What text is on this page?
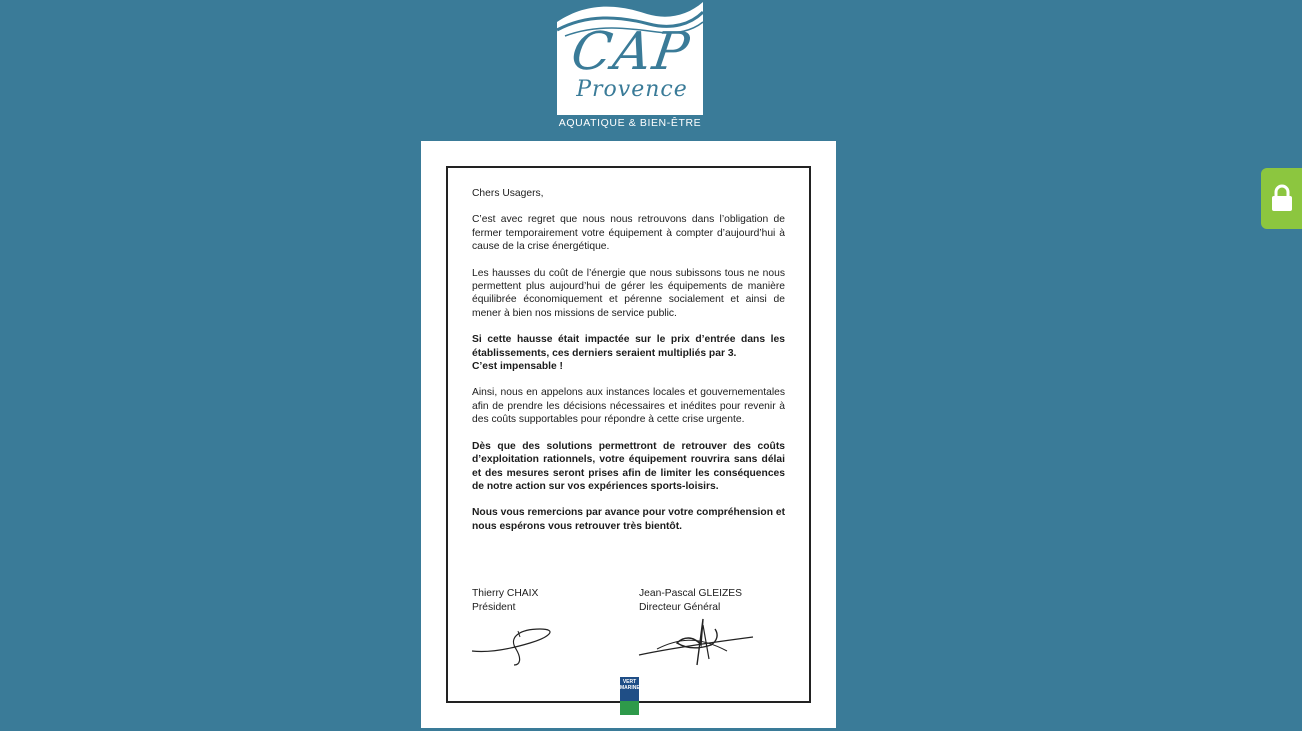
CAP
Provence
AQUATIQUE & BIEN-ÊTRE

Chers Usagers,

C’est avec regret que nous nous retrouvons dans l’obligation de fermer temporairement votre équipement à compter d’aujourd’hui à cause de la crise énergétique.

Les hausses du coût de l’énergie que nous subissons tous ne nous permettent plus aujourd’hui de gérer les équipements de manière équilibrée économiquement et pérenne socialement et ainsi de mener à bien nos missions de service public.

Si cette hausse était impactée sur le prix d’entrée dans les établissements, ces derniers seraient multipliés par 3.
C’est impensable !

Ainsi, nous en appelons aux instances locales et gouvernementales afin de prendre les décisions nécessaires et inédites pour revenir à des coûts supportables pour répondre à cette crise urgente.

Dès que des solutions permettront de retrouver des coûts d’exploitation rationnels, votre équipement rouvrira sans délai et des mesures seront prises afin de limiter les conséquences de notre action sur vos expériences sports-loisirs.

Nous vous remercions par avance pour votre compréhension et nous espérons vous retrouver très bientôt.

Thierry CHAIX
Président
Jean-Pascal GLEIZES
Directeur Général
VERT MARINE
